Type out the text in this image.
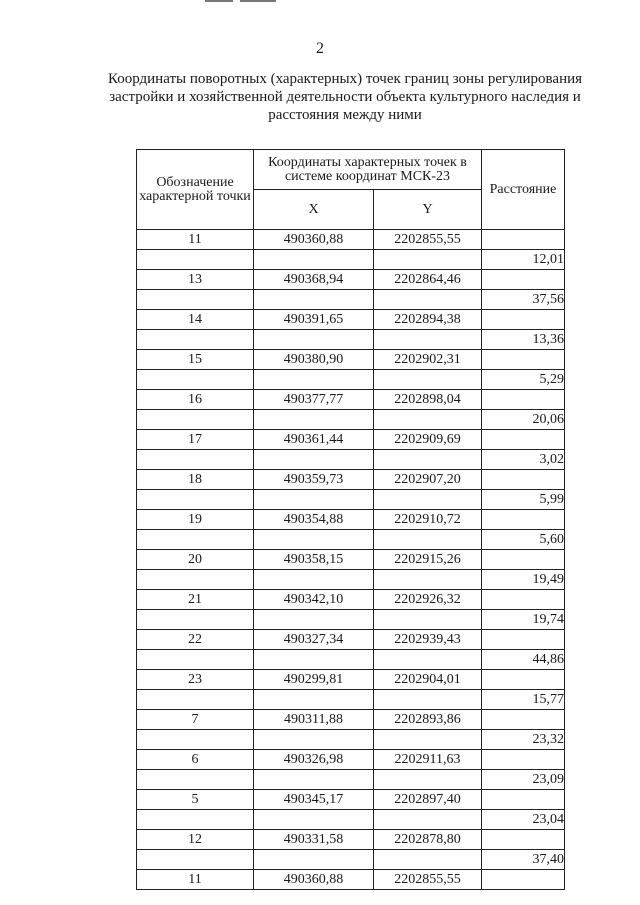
2
Координаты поворотных (характерных) точек границ зоны регулирования застройки и хозяйственной деятельности объекта культурного наследия и расстояния между ними
Обозначение характерной точки	Координаты характерных точек в системе координат МСК-23		Расстояние
	X	Y	
11	490360,88	2202855,55	
			12,01
13	490368,94	2202864,46	
			37,56
14	490391,65	2202894,38	
			13,36
15	490380,90	2202902,31	
			5,29
16	490377,77	2202898,04	
			20,06
17	490361,44	2202909,69	
			3,02
18	490359,73	2202907,20	
			5,99
19	490354,88	2202910,72	
			5,60
20	490358,15	2202915,26	
			19,49
21	490342,10	2202926,32	
			19,74
22	490327,34	2202939,43	
			44,86
23	490299,81	2202904,01	
			15,77
7	490311,88	2202893,86	
			23,32
6	490326,98	2202911,63	
			23,09
5	490345,17	2202897,40	
			23,04
12	490331,58	2202878,80	
			37,40
11	490360,88	2202855,55	
